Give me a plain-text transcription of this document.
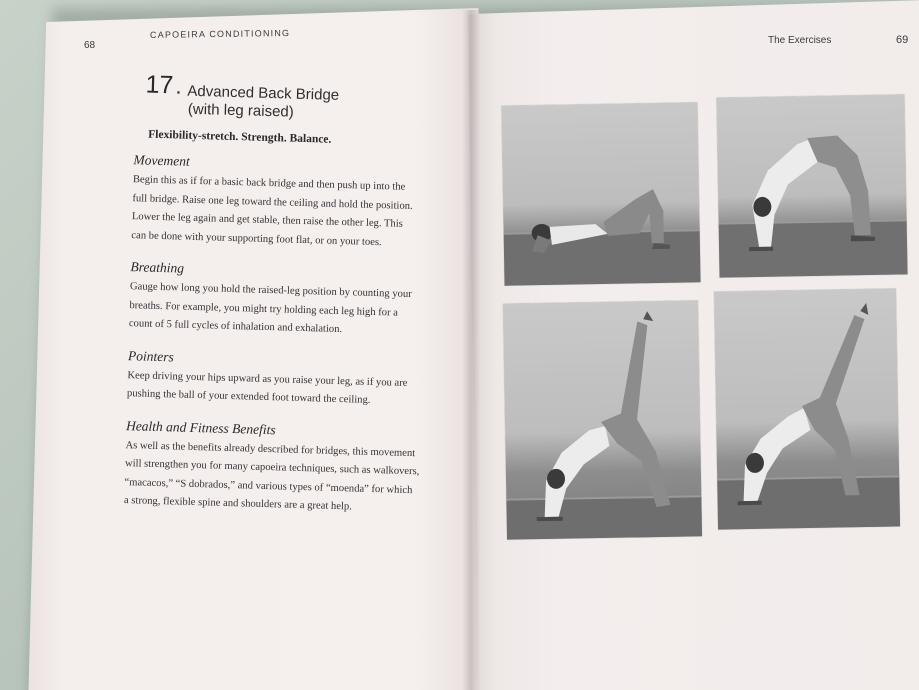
68
CAPOEIRA CONDITIONING
The Exercises	69
17 • Advanced Back Bridge
(with leg raised)
Flexibility-stretch. Strength. Balance.
Movement
Begin this as if for a basic back bridge and then push up into the
full bridge. Raise one leg toward the ceiling and hold the position.
Lower the leg again and get stable, then raise the other leg. This
can be done with your supporting foot flat, or on your toes.
Breathing
Gauge how long you hold the raised-leg position by counting your
breaths. For example, you might try holding each leg high for a
count of 5 full cycles of inhalation and exhalation.
Pointers
Keep driving your hips upward as you raise your leg, as if you are
pushing the ball of your extended foot toward the ceiling.
Health and Fitness Benefits
As well as the benefits already described for bridges, this movement
will strengthen you for many capoeira techniques, such as walkovers,
“macacos,” “S dobrados,” and various types of “moenda” for which
a strong, flexible spine and shoulders are a great help.
